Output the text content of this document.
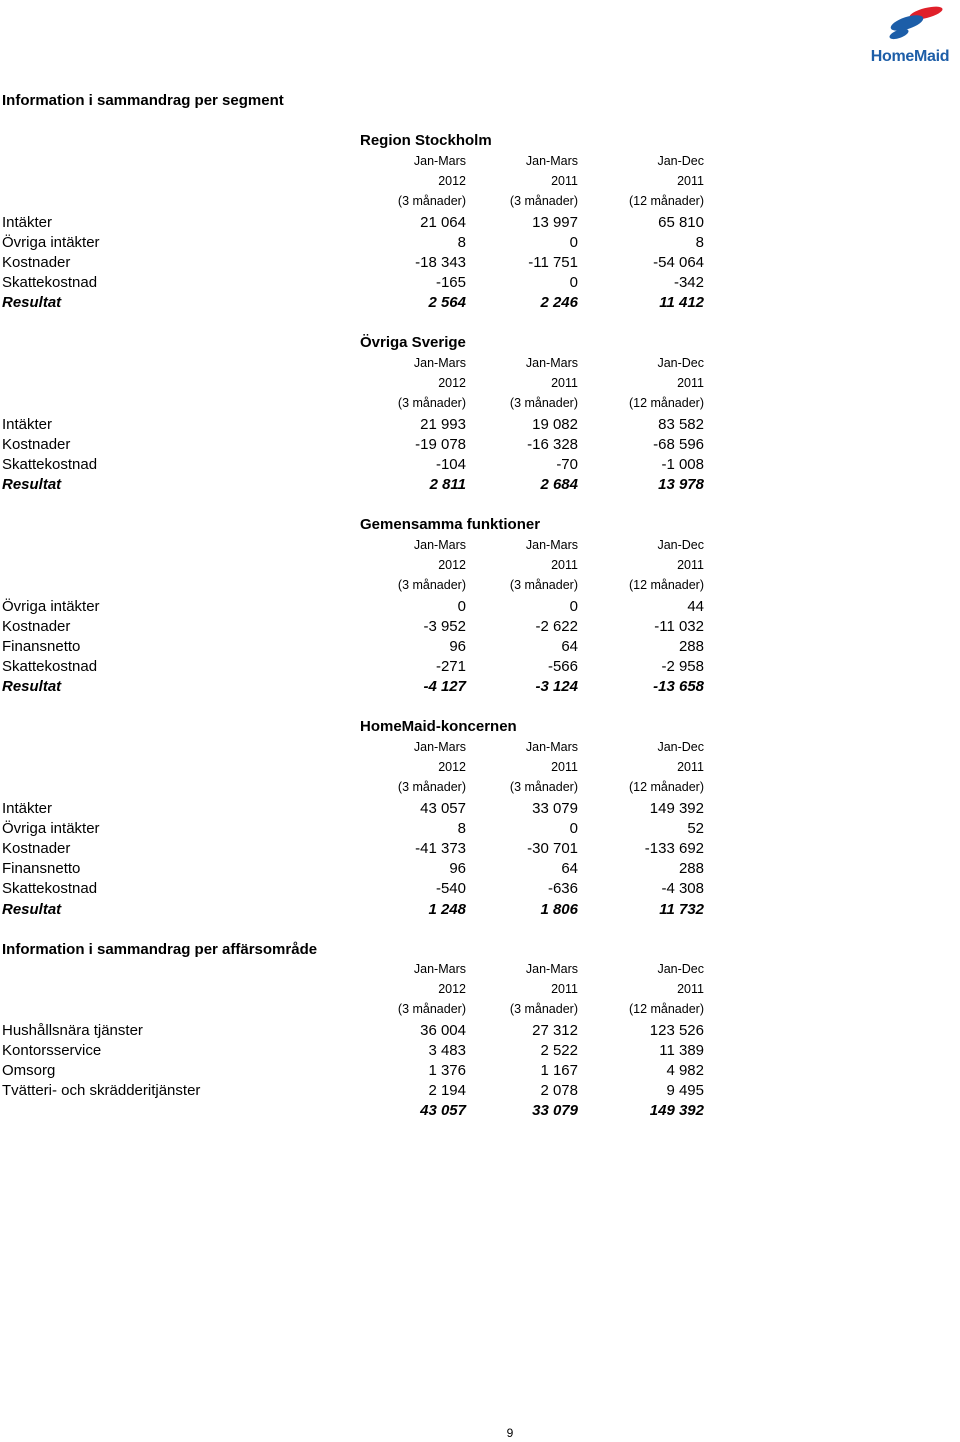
HomeMaid
Information i sammandrag per segment
Region Stockholm
Jan-Mars	Jan-Mars	Jan-Dec
2012	2011	2011
(3 månader)	(3 månader)	(12 månader)
Intäkter	21 064	13 997	65 810
Övriga intäkter	8	0	8
Kostnader	-18 343	-11 751	-54 064
Skattekostnad	-165	0	-342
Resultat	2 564	2 246	11 412
Övriga Sverige
Jan-Mars	Jan-Mars	Jan-Dec
2012	2011	2011
(3 månader)	(3 månader)	(12 månader)
Intäkter	21 993	19 082	83 582
Kostnader	-19 078	-16 328	-68 596
Skattekostnad	-104	-70	-1 008
Resultat	2 811	2 684	13 978
Gemensamma funktioner
Jan-Mars	Jan-Mars	Jan-Dec
2012	2011	2011
(3 månader)	(3 månader)	(12 månader)
Övriga intäkter	0	0	44
Kostnader	-3 952	-2 622	-11 032
Finansnetto	96	64	288
Skattekostnad	-271	-566	-2 958
Resultat	-4 127	-3 124	-13 658
HomeMaid-koncernen
Jan-Mars	Jan-Mars	Jan-Dec
2012	2011	2011
(3 månader)	(3 månader)	(12 månader)
Intäkter	43 057	33 079	149 392
Övriga intäkter	8	0	52
Kostnader	-41 373	-30 701	-133 692
Finansnetto	96	64	288
Skattekostnad	-540	-636	-4 308
Resultat	1 248	1 806	11 732
Information i sammandrag per affärsområde
Jan-Mars	Jan-Mars	Jan-Dec
2012	2011	2011
(3 månader)	(3 månader)	(12 månader)
Hushållsnära tjänster	36 004	27 312	123 526
Kontorsservice	3 483	2 522	11 389
Omsorg	1 376	1 167	4 982
Tvätteri- och skrädderitjänster	2 194	2 078	9 495
43 057	33 079	149 392
9
